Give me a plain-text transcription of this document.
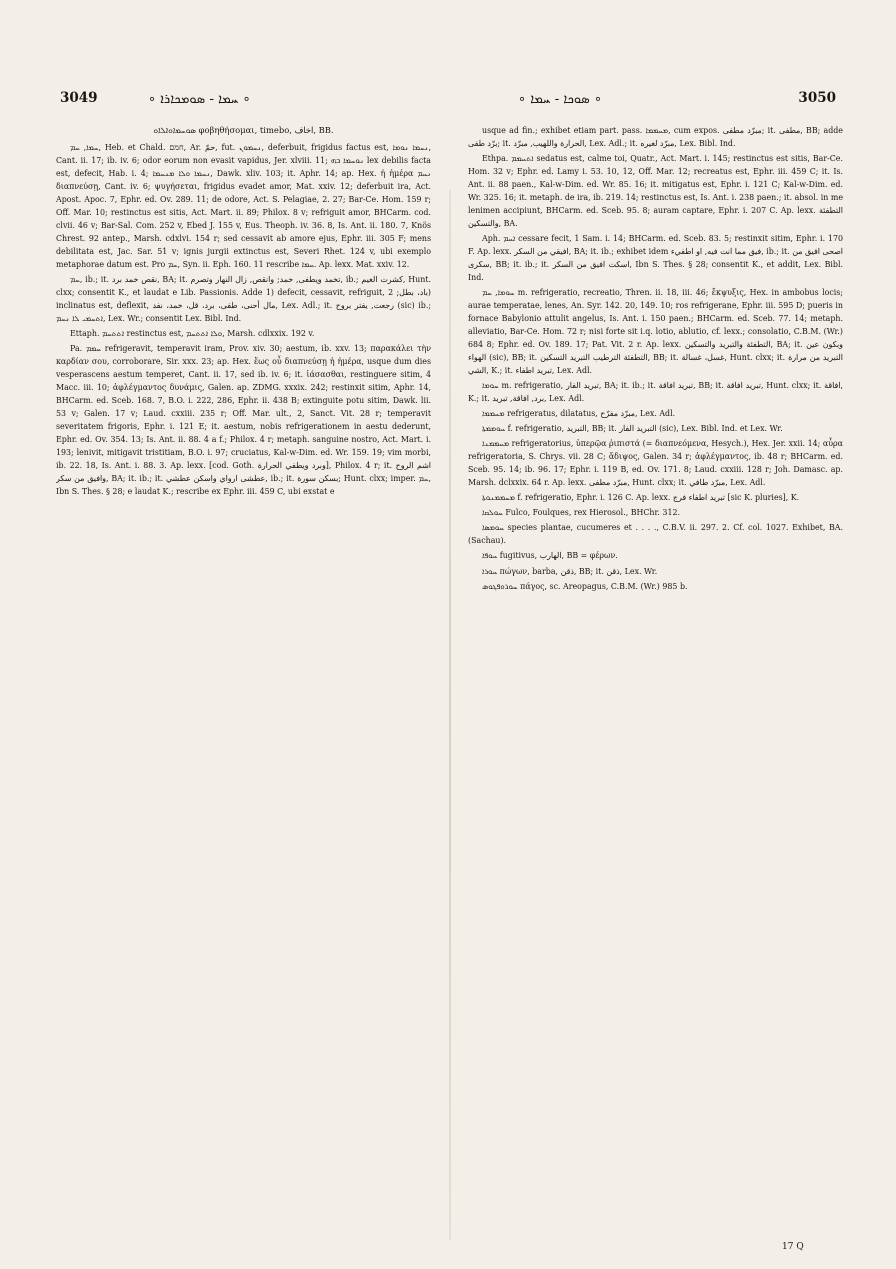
3049	∘ ܚܡܐ - ܣܘܡܟܐܪܐ ∘	∘ ܣܘܟܐ - ܚܡܐ ∘	3050

ܣܘܚܡܐܘܐܠܐܘ φοβηθήσομαι, timebo, اخاف, BB.

ܚܡܐ, ܚܡ, Heb. et Chald. חמם, Ar. حمّ, fut. ܢܚܡܘܢ, deferbuit, frigidus factus est, ܢܚܡܐ ܢܘܡܐ, Cant. ii. 17; ib. iv. 6; odor eorum non evasit vapidus, Jer. xlviii. 11; ܢܘܚܡܐ ܒܗ lex debilis facta est, defecit, Hab. i. 4; ܢܚܡܐ ܘܠܐ ܡܢܚܡܐ, Dawk. xliv. 103; it. Aphr. 14; ap. Hex. ἡ ἡμέρα ܢܚܡ διαπνεύσῃ, Cant. iv. 6; ψυγήσεται, frigidus evadet amor, Mat. xxiv. 12; deferbuit ira, Act. Apost. Apoc. 7, Ephr. ed. Ov. 289. 11; de odore, Act. S. Pelagiae, 2. 27; Bar-Ce. Hom. 159 r; Off. Mar. 10; restinctus est sitis, Act. Mart. ii. 89; Philox. 8 v; refriguit amor, BHCarm. cod. clvii. 46 v; Bar-Sal. Com. 252 v, Ebed J. 155 v, Eus. Theoph. iv. 36. 8, Is. Ant. ii. 180. 7, Knös Chrest. 92 antep., Marsh. cdxlvi. 154 r; sed cessavit ab amore ejus, Ephr. iii. 305 F; mens debilitata est, Jac. Sar. 51 v; ignis jurgii extinctus est, Severi Rhet. 124 v, ubi exemplo metaphorae datum est. Pro ܚܡ, Syn. ii. Eph. 160. 11 rescribe ܚܡܐ. Ap. lexx. Mat. xxiv. 12.

ܚܡ, ib.; it. نقص خمد برد, BA; it. تخمد ويطفى, خمد; وانقص, زال النهار وتصرم, ib.; كشرت الغيم, Hunt. clxx; consentit K., et laudat e Lib. Passionis. Adde 1) defecit, cessavit, refriguit, باد، بطل; 2) inclinatus est, deflexit, مال أحنى، طفى، برد، قل، خمد، نفد, Lex. Adl.; it. رجعت, يفتر بروح (sic) ib.; ܐܬܚܡܝ ܠܐ ܢܚܡ, Lex. Wr.; consentit Lex. Bibl. Ind.

Ettaph. ܐܬܬܚܡ restinctus est, ܘܠܐ ܐܬܬܚܡ, Marsh. cdlxxix. 192 v.

Pa. ܚܡܡ refrigeravit, temperavit iram, Prov. xiv. 30; aestum, ib. xxv. 13; παρακάλει τὴν καρδίαν σου, corroborare, Sir. xxx. 23; ap. Hex. ἕως οὗ διαπνεύσῃ ἡ ἡμέρα, usque dum dies vesperascens aestum temperet, Cant. ii. 17, sed ib. iv. 6; it. ἰάσασθαι, restinguere sitim, 4 Macc. iii. 10; ἀφλέγμαντος δυνάμις, Galen. ap. ZDMG. xxxix. 242; restinxit sitim, Aphr. 14, BHCarm. ed. Sceb. 168. 7, B.O. i. 222, 286, Ephr. ii. 438 B; extinguite potu sitim, Dawk. lii. 53 v; Galen. 17 v; Laud. cxxiii. 235 r; Off. Mar. ult., 2, Sanct. Vit. 28 r; temperavit severitatem frigoris, Ephr. i. 121 E; it. aestum, nobis refrigerationem in aestu dederunt, Ephr. ed. Ov. 354. 13; Is. Ant. ii. 88. 4 a f.; Philox. 4 r; metaph. sanguine nostro, Act. Mart. i. 193; lenivit, mitigavit tristitiam, B.O. i. 97; cruciatus, Kal-w-Dim. ed. Wr. 159. 19; vim morbi, ib. 22. 18, Is. Ant. i. 88. 3. Ap. lexx. [cod. Goth. وبرد ويطفي الحرارة], Philox. 4 r; it. اشم الروح وافيق من سكر, BA; it. ib.; it. عطشى ارواي واسكن عطشي, ib.; it. بسكن سورة; Hunt. clxx; imper. ܚܡ, Ibn S. Thes. § 28; e laudat K.; rescribe ex Ephr. iii. 459 C, ubi exstat e

usque ad fin.; exhibet etiam part. pass. ܡܚܡܡܐ, cum expos. مبرّد مطفى; it. مطفى, BB; adde برّد طفى; it. الحرارة واللهيب, مبرّد, Lex. Adl.; it. مبرّد لغيره, Lex. Bibl. Ind.

Ethpa. ܐܬܚܡܡ sedatus est, calme toi, Quatr., Act. Mart. i. 145; restinctus est sitis, Bar-Ce. Hom. 32 v; Ephr. ed. Lamy i. 53. 10, 12, Off. Mar. 12; recreatus est, Ephr. iii. 459 C; it. Is. Ant. ii. 88 paen., Kal-w-Dim. ed. Wr. 85. 16; it. mitigatus est, Ephr. i. 121 C; Kal-w-Dim. ed. Wr. 325. 16; it. metaph. de ira, ib. 219. 14; restinctus est, Is. Ant. i. 238 paen.; it. absol. in me lenimen accipiunt, BHCarm. ed. Sceb. 95. 8; auram captare, Ephr. i. 207 C. Ap. lexx. التطفئة والتسكين, BA.

Aph. ܐܚܡ cessare fecit, 1 Sam. i. 14; BHCarm. ed. Sceb. 83. 5; restinxit sitim, Ephr. i. 170 F. Ap. lexx. افيقي من السكر, BA; it. ib.; exhibet idem فيق مما انت فيه, او اطفيء, ib.; it. اصحى افيق من سكرى, BB; it. ib.; it. اسكت افيق من السكر, Ibn S. Thes. § 28; consentit K., et addit, Lex. Bibl. Ind.

ܚܘܡܐ, ܚܡ m. refrigeratio, recreatio, Thren. ii. 18, iii. 46; ἔκψυξις, Hex. in ambobus locis; aurae temperatae, lenes, An. Syr. 142. 20, 149. 10; ros refrigerane, Ephr. iii. 595 D; pueris in fornace Babylonio attulit angelus, Is. Ant. i. 150 paen.; BHCarm. ed. Sceb. 77. 14; metaph. alleviatio, Bar-Ce. Hom. 72 r; nisi forte sit i.q. lotio, ablutio, cf. lexx.; consolatio, C.B.M. (Wr.) 684 8; Ephr. ed. Ov. 189. 17; Pat. Vit. 2 r. Ap. lexx. التطفئة والتبريد والتسكين, BA; it. وبكون عين الهواء (sic), BB; it. التطفئة الترطيب التبريد التسكين, BB; it. غسل، غسالة, Hunt. clxx; it. التبريد من مرارة الشي, K.; it. تبريد اطفاء, Lex. Adl.

ܚܘܡܐ m. refrigeratio, تبريد الفار, BA; it. ib.; it. تبريد افاقة, BB; it. تبريد افاقة, Hunt. clxx; it. افاقة, K.; it. برد, افاقة, تبريد, Lex. Adl.

ܡܚܡܡܐ refrigeratus, dilatatus, مبرّد مفرّح, Lex. Adl.

ܚܘܡܡܬܐ f. refrigeratio, التبريد, BB; it. التبريد الفار (sic), Lex. Bibl. Ind. et Lex. Wr.

ܡܚܡܡܢܐ refrigeratorius, ὑπερῷα ῥιπιστά (= διαπνεόμενα, Hesych.), Hex. Jer. xxii. 14; αὖρα refrigeratoria, S. Chrys. vii. 28 C; ἄδιψος, Galen. 34 r; ἀφλέγμαντος, ib. 48 r; BHCarm. ed. Sceb. 95. 14; ib. 96. 17; Ephr. i. 119 B, ed. Ov. 171. 8; Laud. cxxiii. 128 r; Joh. Damasc. ap. Marsh. dclxxix. 64 r. Ap. lexx. مبرّد مطفى, Hunt. clxx; it. مبرّد طافي, Lex. Adl.

ܡܚܡܡܢܘܬܐ f. refrigeratio, Ephr. i. 126 C. Ap. lexx. تبريد اطفاء فرج [sic K. pluries], K.

ܚܘܠܩܐ Fulco, Foulques, rex Hierosol., BHChr. 312.

ܚܘܡܣܐ species plantae, cucumeres et . . . ., C.B.V. ii. 297. 2. Cf. col. 1027. Exhibet, BA. (Sachau).

ܚܘܦܐ fugitivus, الهارب, BB = φέρων.

ܚܘܪܐ πώγων, barba, ذقن, BB; it. ذقن, Lex. Wr.

ܚܘܪܘܦܓܘܣ πάγος, sc. Areopagus, C.B.M. (Wr.) 985 b.

17 Q
